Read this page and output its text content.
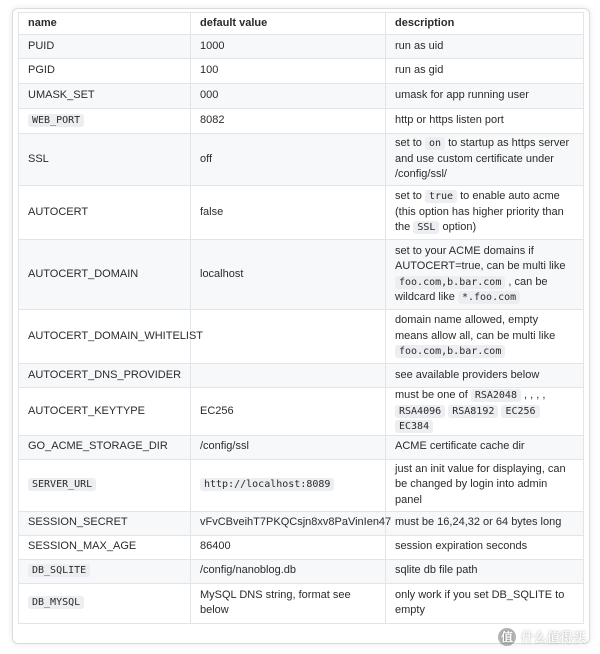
name	default value	description
PUID	1000	run as uid
PGID	100	run as gid
UMASK_SET	000	umask for app running user
WEB_PORT	8082	http or https listen port
SSL	off	set to on to startup as https server and use custom certificate under /config/ssl/
AUTOCERT	false	set to true to enable auto acme (this option has higher priority than the SSL option)
AUTOCERT_DOMAIN	localhost	set to your ACME domains if AUTOCERT=true, can be multi like foo.com,b.bar.com , can be wildcard like *.foo.com
AUTOCERT_DOMAIN_WHITELIST		domain name allowed, empty means allow all, can be multi like foo.com,b.bar.com
AUTOCERT_DNS_PROVIDER		see available providers below
AUTOCERT_KEYTYPE	EC256	must be one of RSA2048 , , , , RSA4096 RSA8192 EC256 EC384
GO_ACME_STORAGE_DIR	/config/ssl	ACME certificate cache dir
SERVER_URL	http://localhost:8089	just an init value for displaying, can be changed by login into admin panel
SESSION_SECRET	vFvCBveihT7PKQCsjn8xv8PaVinIen47	must be 16,24,32 or 64 bytes long
SESSION_MAX_AGE	86400	session expiration seconds
DB_SQLITE	/config/nanoblog.db	sqlite db file path
DB_MYSQL	MySQL DNS string, format see below	only work if you set DB_SQLITE to empty
值 什么值得买
